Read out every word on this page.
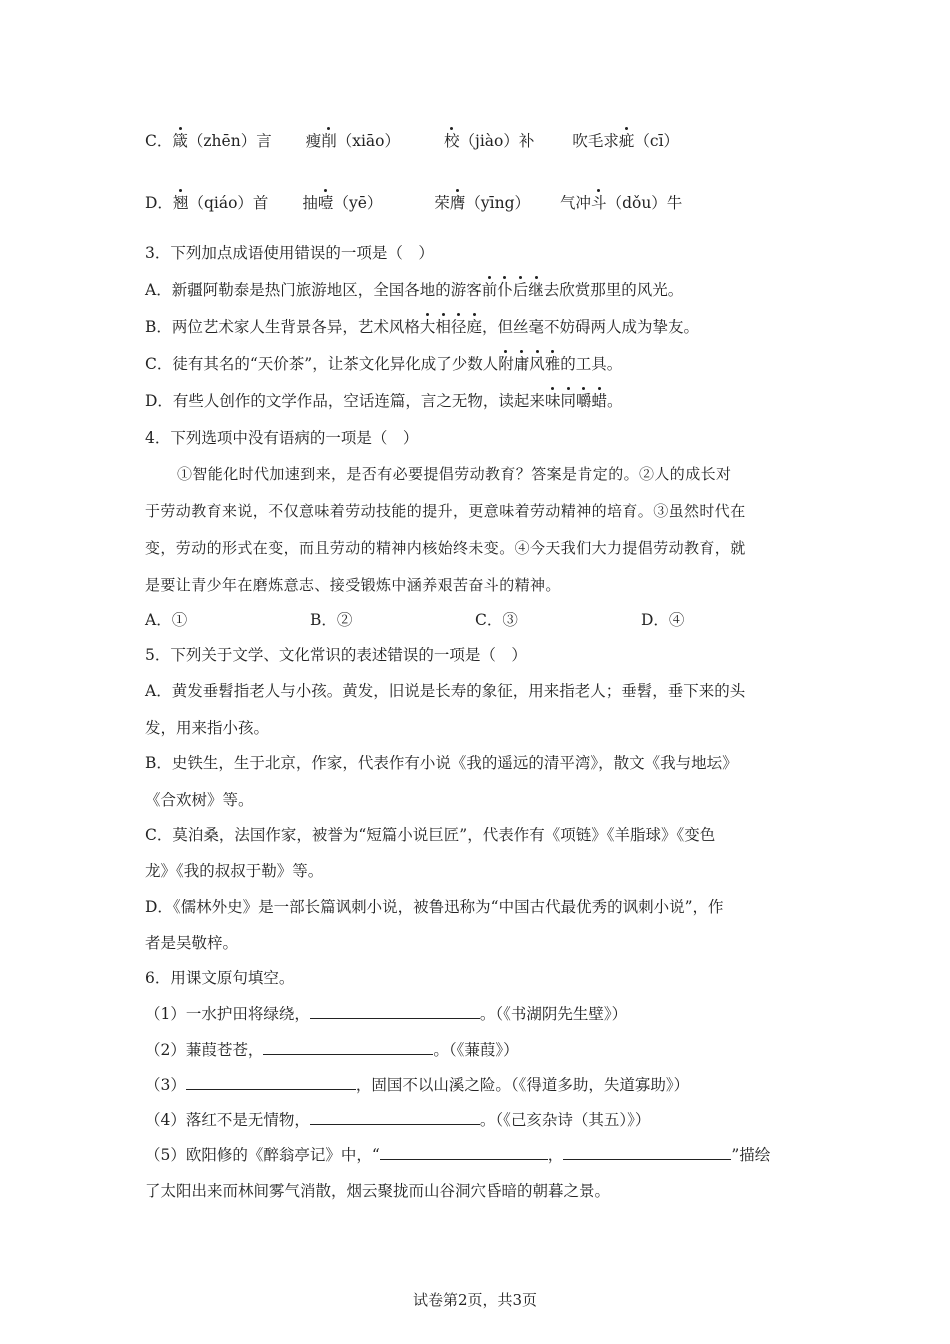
C．箴（zhēn）言 瘦削（xiāo）	校（jiào）补 吹毛求疵（cī）
D．翘（qiáo）首 抽噎（yē）	荣膺（yīng） 气冲斗（dǒu）牛
3．下列加点成语使用错误的一项是（　）
A．新疆阿勒泰是热门旅游地区，全国各地的游客前仆后继去欣赏那里的风光。
B．两位艺术家人生背景各异，艺术风格大相径庭，但丝毫不妨碍两人成为挚友。
C．徒有其名的“天价茶”，让茶文化异化成了少数人附庸风雅的工具。
D．有些人创作的文学作品，空话连篇，言之无物，读起来味同嚼蜡。
4．下列选项中没有语病的一项是（　）
①智能化时代加速到来，是否有必要提倡劳动教育？答案是肯定的。②人的成长对
于劳动教育来说，不仅意味着劳动技能的提升，更意味着劳动精神的培育。③虽然时代在
变，劳动的形式在变，而且劳动的精神内核始终未变。④今天我们大力提倡劳动教育，就
是要让青少年在磨炼意志、接受锻炼中涵养艰苦奋斗的精神。
A．①	B．②	C．③	D．④
5．下列关于文学、文化常识的表述错误的一项是（　）
A．黄发垂髫指老人与小孩。黄发，旧说是长寿的象征，用来指老人；垂髫，垂下来的头
发，用来指小孩。
B．史铁生，生于北京，作家，代表作有小说《我的遥远的清平湾》，散文《我与地坛》
《合欢树》等。
C．莫泊桑，法国作家，被誉为“短篇小说巨匠”，代表作有《项链》《羊脂球》《变色
龙》《我的叔叔于勒》等。
D．《儒林外史》是一部长篇讽刺小说，被鲁迅称为“中国古代最优秀的讽刺小说”，作
者是吴敬梓。
6．用课文原句填空。
（1）一水护田将绿绕，	。（《书湖阴先生壁》）
（2）蒹葭苍苍，	。（《蒹葭》）
（3）	，固国不以山溪之险。（《得道多助，失道寡助》）
（4）落红不是无情物，	。（《己亥杂诗（其五）》）
（5）欧阳修的《醉翁亭记》中，“	，	”描绘
了太阳出来而林间雾气消散，烟云聚拢而山谷洞穴昏暗的朝暮之景。
试卷第2页，共3页
